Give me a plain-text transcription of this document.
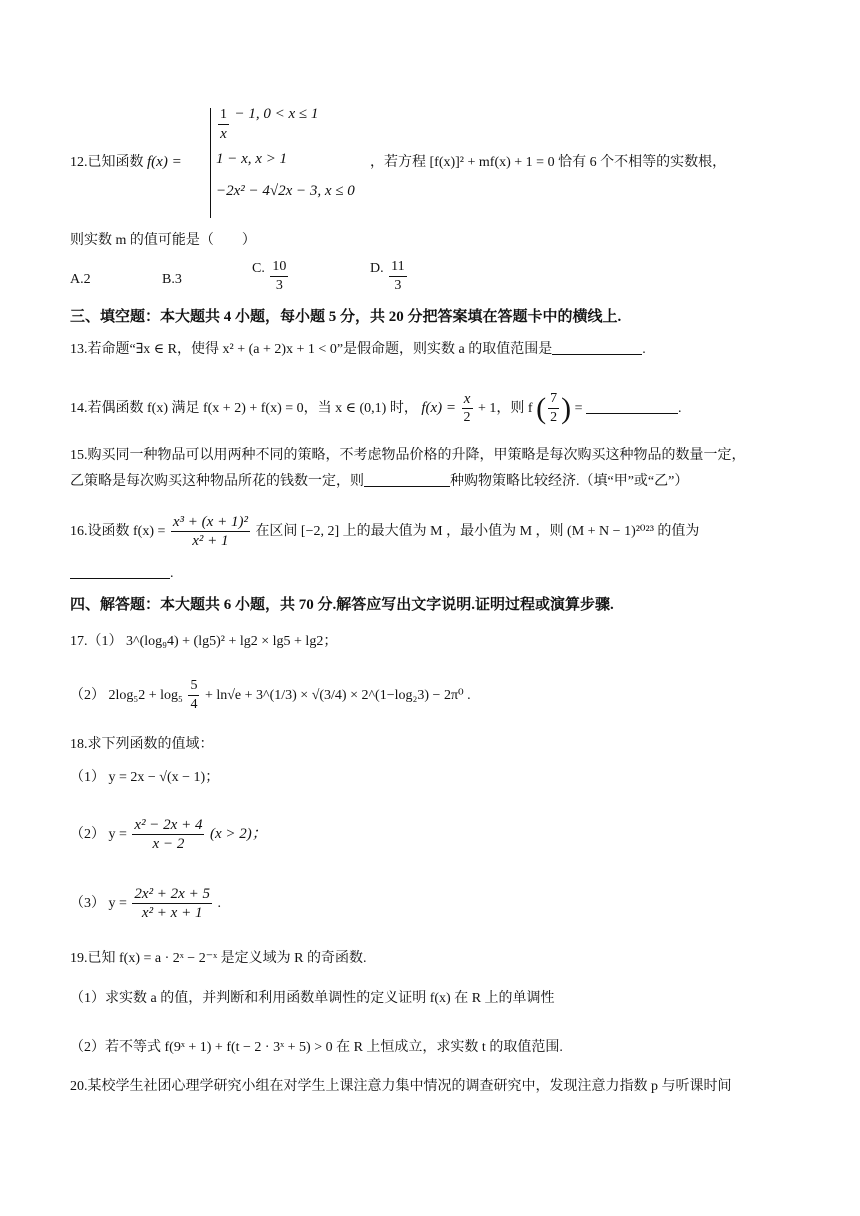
12.已知函数 f(x) =
$\frac{1}{x} - 1$, 0 < x ≤ 1
1 − x, x > 1
−2x² − 4√2x − 3, x ≤ 0
，若方程 [f(x)]² + mf(x) + 1 = 0 恰有 6 个不相等的实数根，
则实数 m 的值可能是（　　）
A.2	B.3
C. $\frac{10}{3}$	D. $\frac{11}{3}$
三、填空题：本大题共 4 小题，每小题 5 分，共 20 分把答案填在答题卡中的横线上.
13.若命题“∃x ∈ R，使得 x² + (a + 2)x + 1 < 0”是假命题，则实数 a 的取值范围是	.
14.若偶函数 f(x) 满足 f(x + 2) + f(x) = 0，当 x ∈ (0,1) 时， $f(x) = \frac{x}{2} + 1$，则 f ( $\frac{7}{2}$ ) =	.
15.购买同一种物品可以用两种不同的策略，不考虑物品价格的升降，甲策略是每次购买这种物品的数量一定，
乙策略是每次购买这种物品所花的钱数一定，则	种购物策略比较经济.（填“甲”或“乙”）
16.设函数 $f(x) = \frac{\text{x³ + (x + 1)²}}{\text{x² + 1}}$ 在区间 [−2, 2] 上的最大值为 M ，最小值为 M ，则 (M + N − 1)²⁰²³ 的值为
.
四、解答题：本大题共 6 小题，共 70 分.解答应写出文字说明.证明过程或演算步骤.
17.（1） 3^(log₉4) + (lg5)² + lg2 × lg5 + lg2；
（2） $2\log_52 + \log_5 \frac{5}{4} + \ln√e$ + 3^(1/3) × √(3/4) × 2^(1−log₂3) − 2π⁰ .
18.求下列函数的值域：
（1） y = 2x − √(x − 1)；
（2） $y = \frac{\text{x² − 2x + 4}}{x - 2} (x > 2)$；
（3） $y = \frac{\text{2x² + 2x + 5}}{\text{x² + x + 1}}$ .
19.已知 f(x) = a · 2ˣ − 2⁻ˣ 是定义域为 R 的奇函数.
（1）求实数 a 的值，并判断和利用函数单调性的定义证明 f(x) 在 R 上的单调性
（2）若不等式 f(9ˣ + 1) + f(t − 2 · 3ˣ + 5) > 0 在 R 上恒成立，求实数 t 的取值范围.
20.某校学生社团心理学研究小组在对学生上课注意力集中情况的调查研究中，发现注意力指数 p 与听课时间
